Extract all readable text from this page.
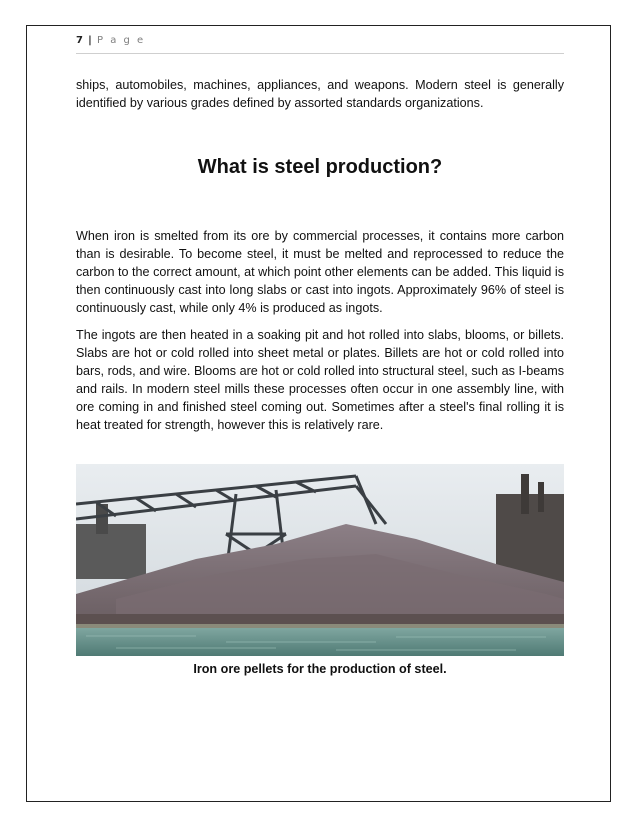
7 | P a g e

ships, automobiles, machines, appliances, and weapons. Modern steel is generally identified by various grades defined by assorted standards organizations.

What is steel production?

When iron is smelted from its ore by commercial processes, it contains more carbon than is desirable. To become steel, it must be melted and reprocessed to reduce the carbon to the correct amount, at which point other elements can be added. This liquid is then continuously cast into long slabs or cast into ingots. Approximately 96% of steel is continuously cast, while only 4% is produced as ingots.

The ingots are then heated in a soaking pit and hot rolled into slabs, blooms, or billets. Slabs are hot or cold rolled into sheet metal or plates. Billets are hot or cold rolled into bars, rods, and wire. Blooms are hot or cold rolled into structural steel, such as I-beams and rails. In modern steel mills these processes often occur in one assembly line, with ore coming in and finished steel coming out. Sometimes after a steel's final rolling it is heat treated for strength, however this is relatively rare.

Iron ore pellets for the production of steel.
